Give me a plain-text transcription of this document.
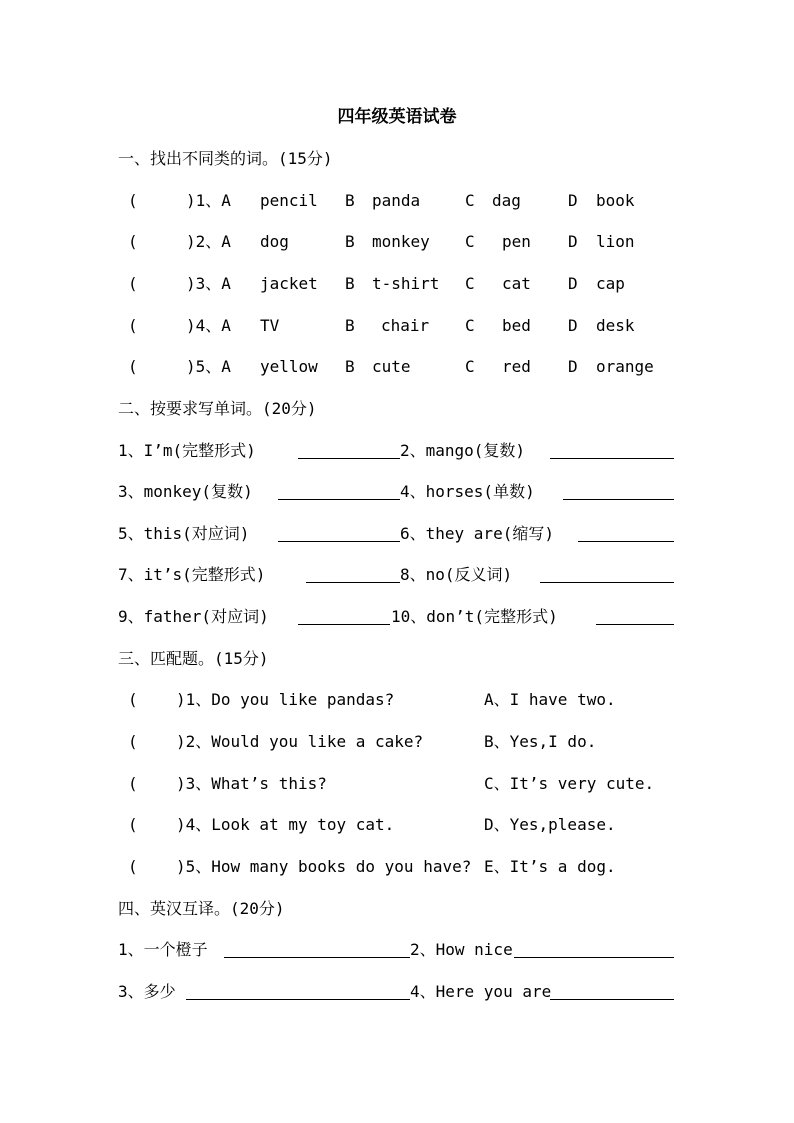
四年级英语试卷
一、找出不同类的词。(15分)
(	)1、A pencil B panda	C dag	D book
(	)2、A dog	B monkey C pen D lion
(	)3、A jacket B t-shirt C cat D cap
(	)4、A TV	B chair C bed D desk
(	)5、A yellow B cute	C red D orange
二、按要求写单词。(20分)
1、I’m(完整形式)	2、mango(复数)
3、monkey(复数)	4、horses(单数)
5、this(对应词)	6、they are(缩写)
7、it’s(完整形式)	8、no(反义词)
9、father(对应词)	10、don’t(完整形式)
三、匹配题。(15分)
( )1、Do you like pandas?	A、I have two.
( )2、Would you like a cake?	B、Yes,I do.
( )3、What’s this?	C、It’s very cute.
( )4、Look at my toy cat.	D、Yes,please.
( )5、How many books do you have? E、It’s a dog.
四、英汉互译。(20分)
1、一个橙子	2、How nice
3、多少	4、Here you are
